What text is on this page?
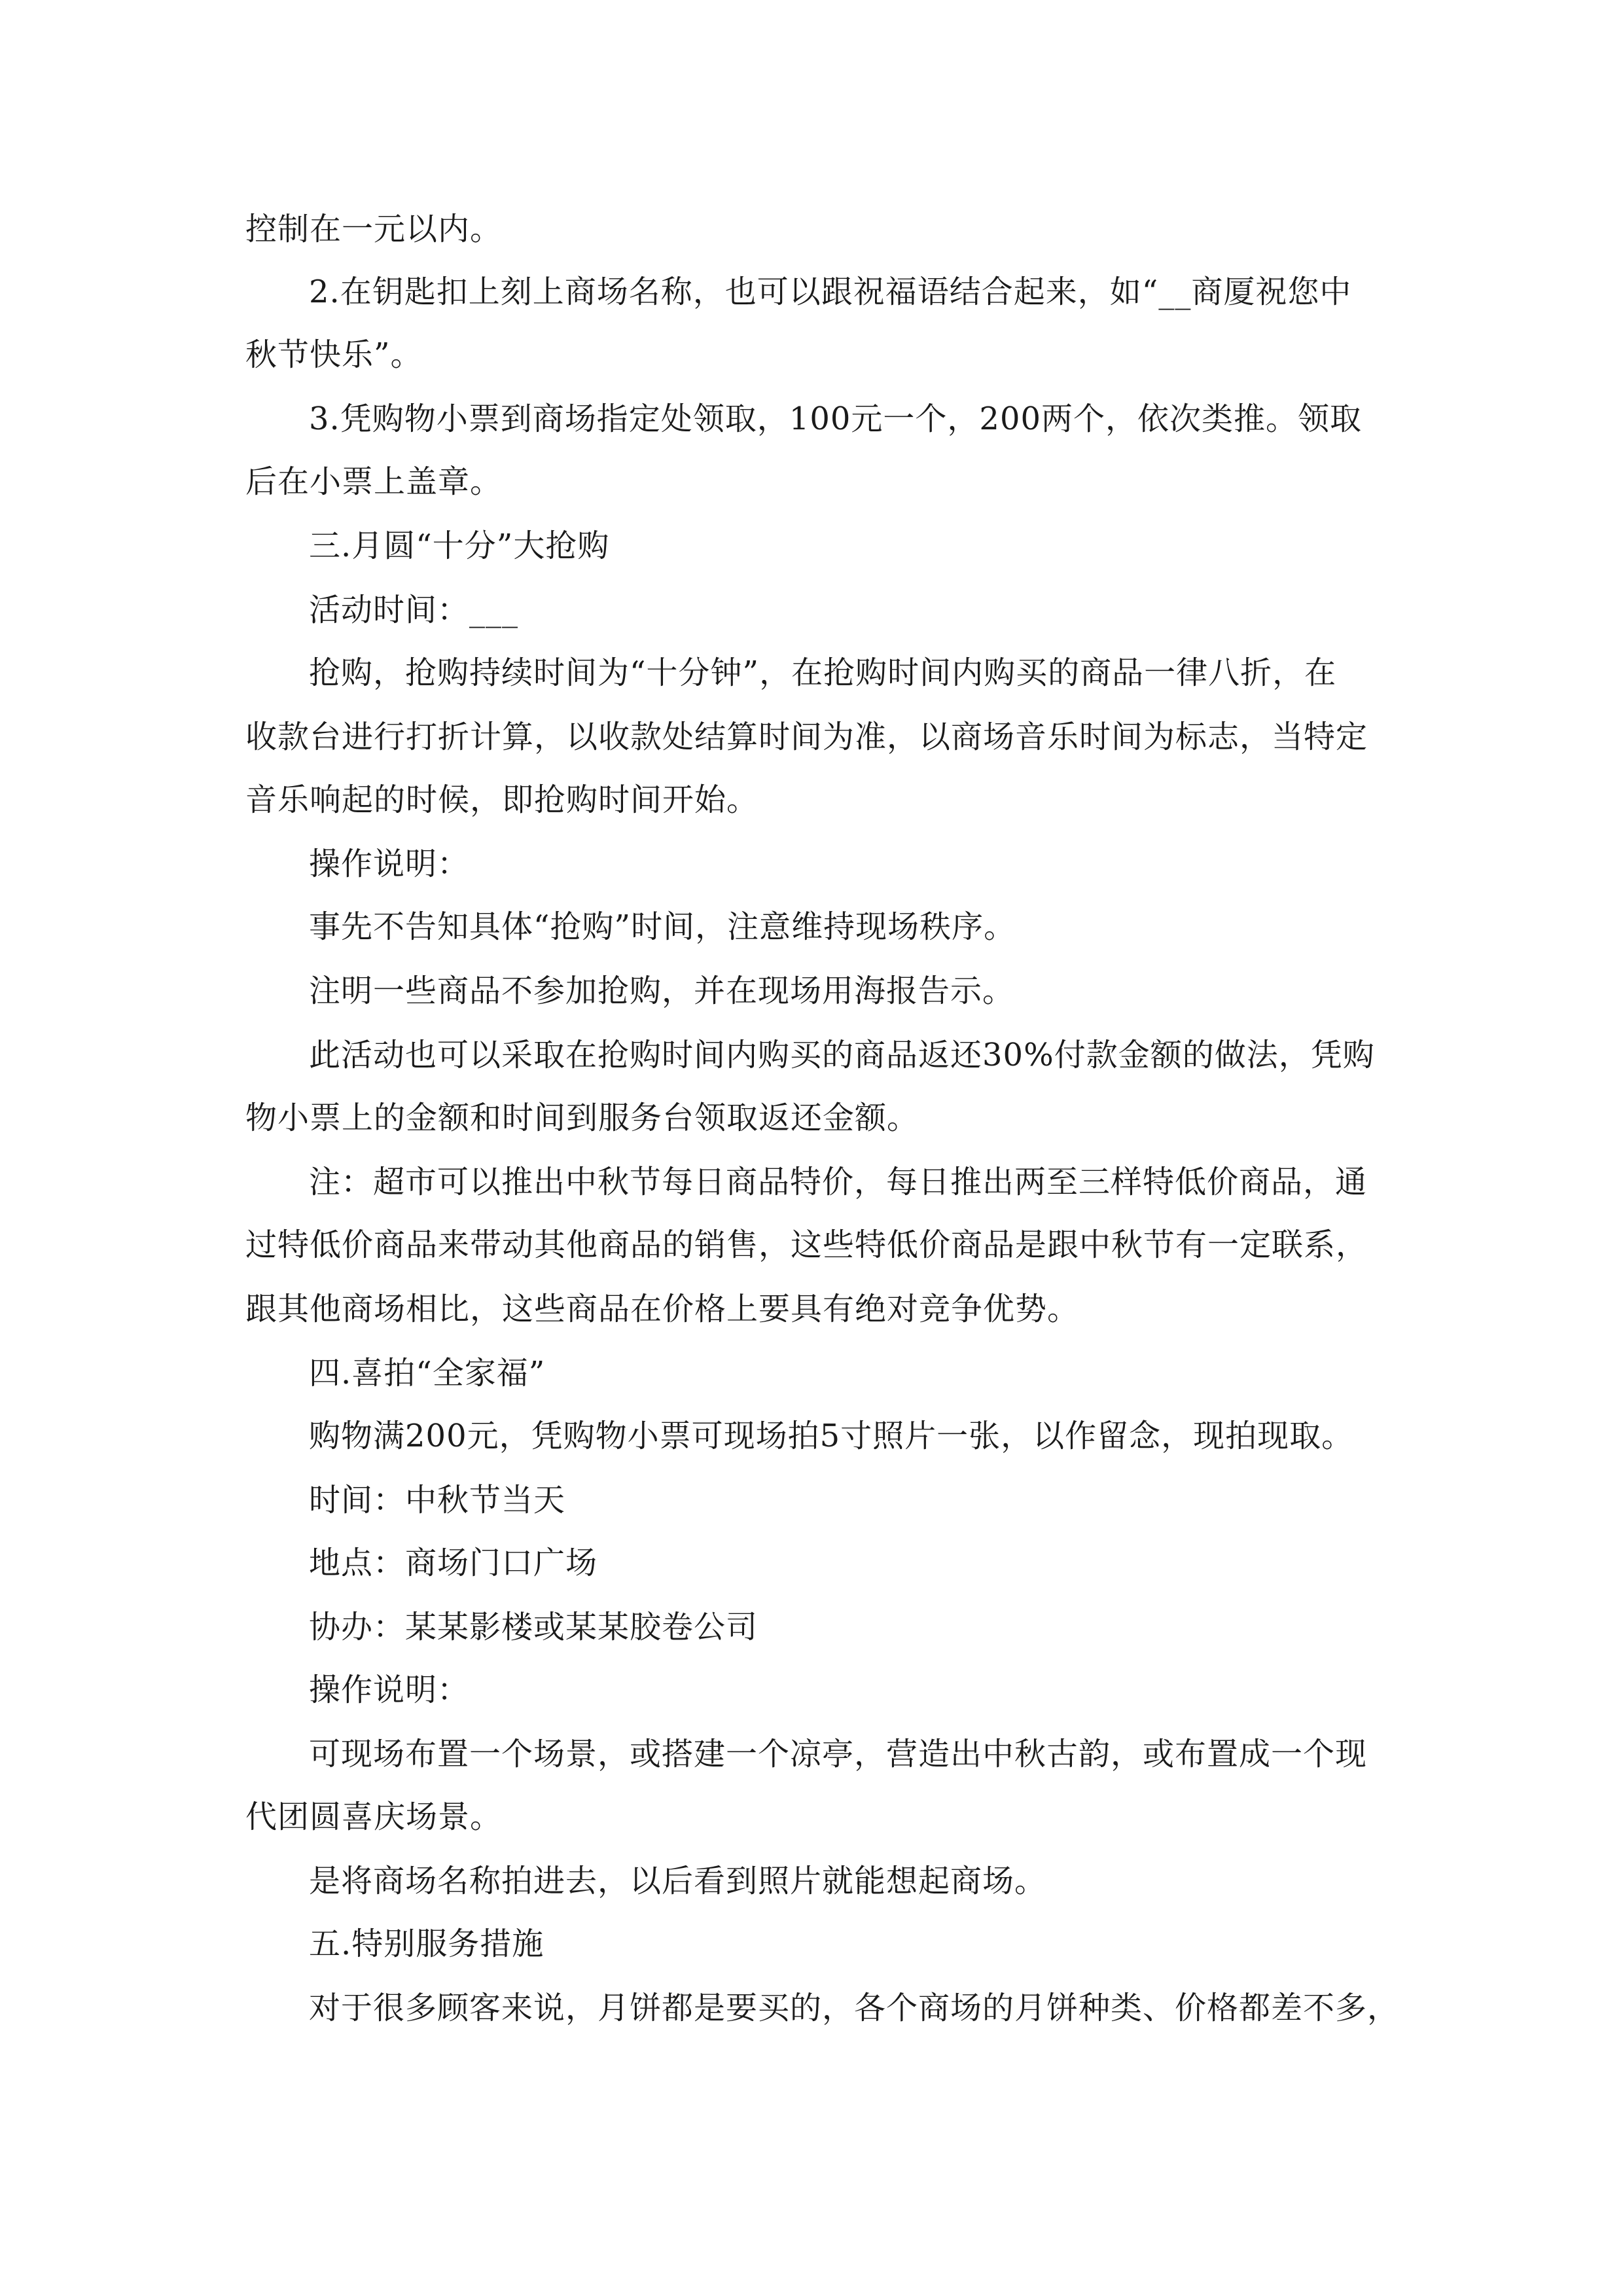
控制在一元以内。
2.在钥匙扣上刻上商场名称，也可以跟祝福语结合起来，如“__商厦祝您中
秋节快乐”。
3.凭购物小票到商场指定处领取，100元一个，200两个，依次类推。领取
后在小票上盖章。
三.月圆“十分”大抢购
活动时间：___
抢购，抢购持续时间为“十分钟”，在抢购时间内购买的商品一律八折，在
收款台进行打折计算，以收款处结算时间为准，以商场音乐时间为标志，当特定
音乐响起的时候，即抢购时间开始。
操作说明：
事先不告知具体“抢购”时间，注意维持现场秩序。
注明一些商品不参加抢购，并在现场用海报告示。
此活动也可以采取在抢购时间内购买的商品返还30%付款金额的做法，凭购
物小票上的金额和时间到服务台领取返还金额。
注：超市可以推出中秋节每日商品特价，每日推出两至三样特低价商品，通
过特低价商品来带动其他商品的销售，这些特低价商品是跟中秋节有一定联系，
跟其他商场相比，这些商品在价格上要具有绝对竞争优势。
四.喜拍“全家福”
购物满200元，凭购物小票可现场拍5寸照片一张，以作留念，现拍现取。
时间：中秋节当天
地点：商场门口广场
协办：某某影楼或某某胶卷公司
操作说明：
可现场布置一个场景，或搭建一个凉亭，营造出中秋古韵，或布置成一个现
代团圆喜庆场景。
是将商场名称拍进去，以后看到照片就能想起商场。
五.特别服务措施
对于很多顾客来说，月饼都是要买的，各个商场的月饼种类、价格都差不多，
